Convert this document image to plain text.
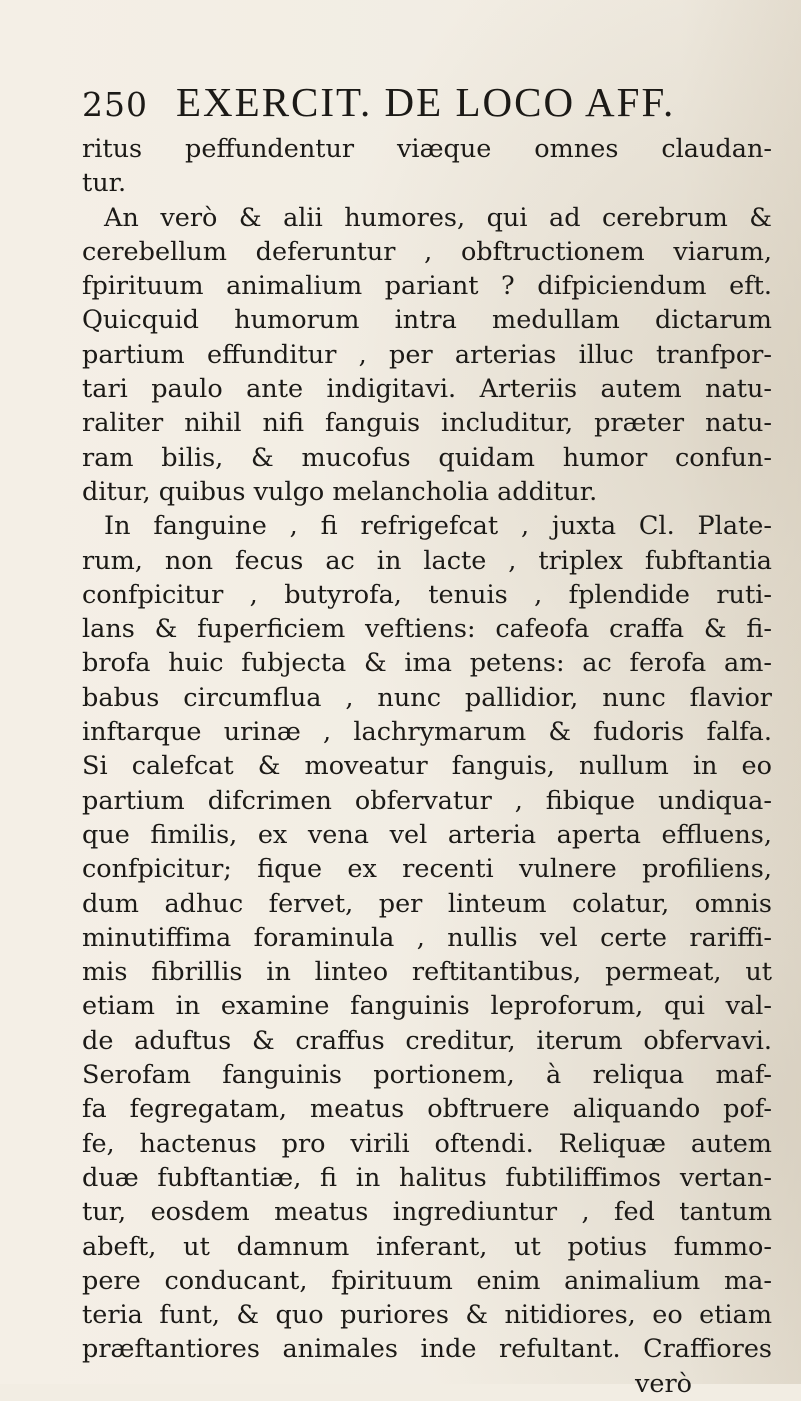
250 EXERCIT. DE LOCO AFF.
ritus peffundentur viæque omnes claudan-
tur.
An verò & alii humores, qui ad cerebrum &
cerebellum deferuntur , obftructionem viarum,
fpirituum animalium pariant ? difpiciendum eft.
Quicquid humorum intra medullam dictarum
partium effunditur , per arterias illuc tranfpor-
tari paulo ante indigitavi. Arteriis autem natu-
raliter nihil nifi fanguis includitur, præter natu-
ram bilis, & mucofus quidam humor confun-
ditur, quibus vulgo melancholia additur.
In fanguine , fi refrigefcat , juxta Cl. Plate-
rum, non fecus ac in lacte , triplex fubftantia
confpicitur , butyrofa, tenuis , fplendide ruti-
lans & fuperficiem veftiens: cafeofa craffa & fi-
brofa huic fubjecta & ima petens: ac ferofa am-
babus circumflua , nunc pallidior, nunc flavior
inftarque urinæ , lachrymarum & fudoris falfa.
Si calefcat & moveatur fanguis, nullum in eo
partium difcrimen obfervatur , fibique undiqua-
que fimilis, ex vena vel arteria aperta effluens,
confpicitur; fique ex recenti vulnere profiliens,
dum adhuc fervet, per linteum colatur, omnis
minutiffima foraminula , nullis vel certe rariffi-
mis fibrillis in linteo reftitantibus, permeat, ut
etiam in examine fanguinis leproforum, qui val-
de aduftus & craffus creditur, iterum obfervavi.
Serofam fanguinis portionem, à reliqua maf-
fa fegregatam, meatus obftruere aliquando pof-
fe, hactenus pro virili oftendi. Reliquæ autem
duæ fubftantiæ, fi in halitus fubtiliffimos vertan-
tur, eosdem meatus ingrediuntur , fed tantum
abeft, ut damnum inferant, ut potius fummo-
pere conducant, fpirituum enim animalium ma-
teria funt, & quo puriores & nitidiores, eo etiam
præftantiores animales inde refultant. Craffiores
verò
